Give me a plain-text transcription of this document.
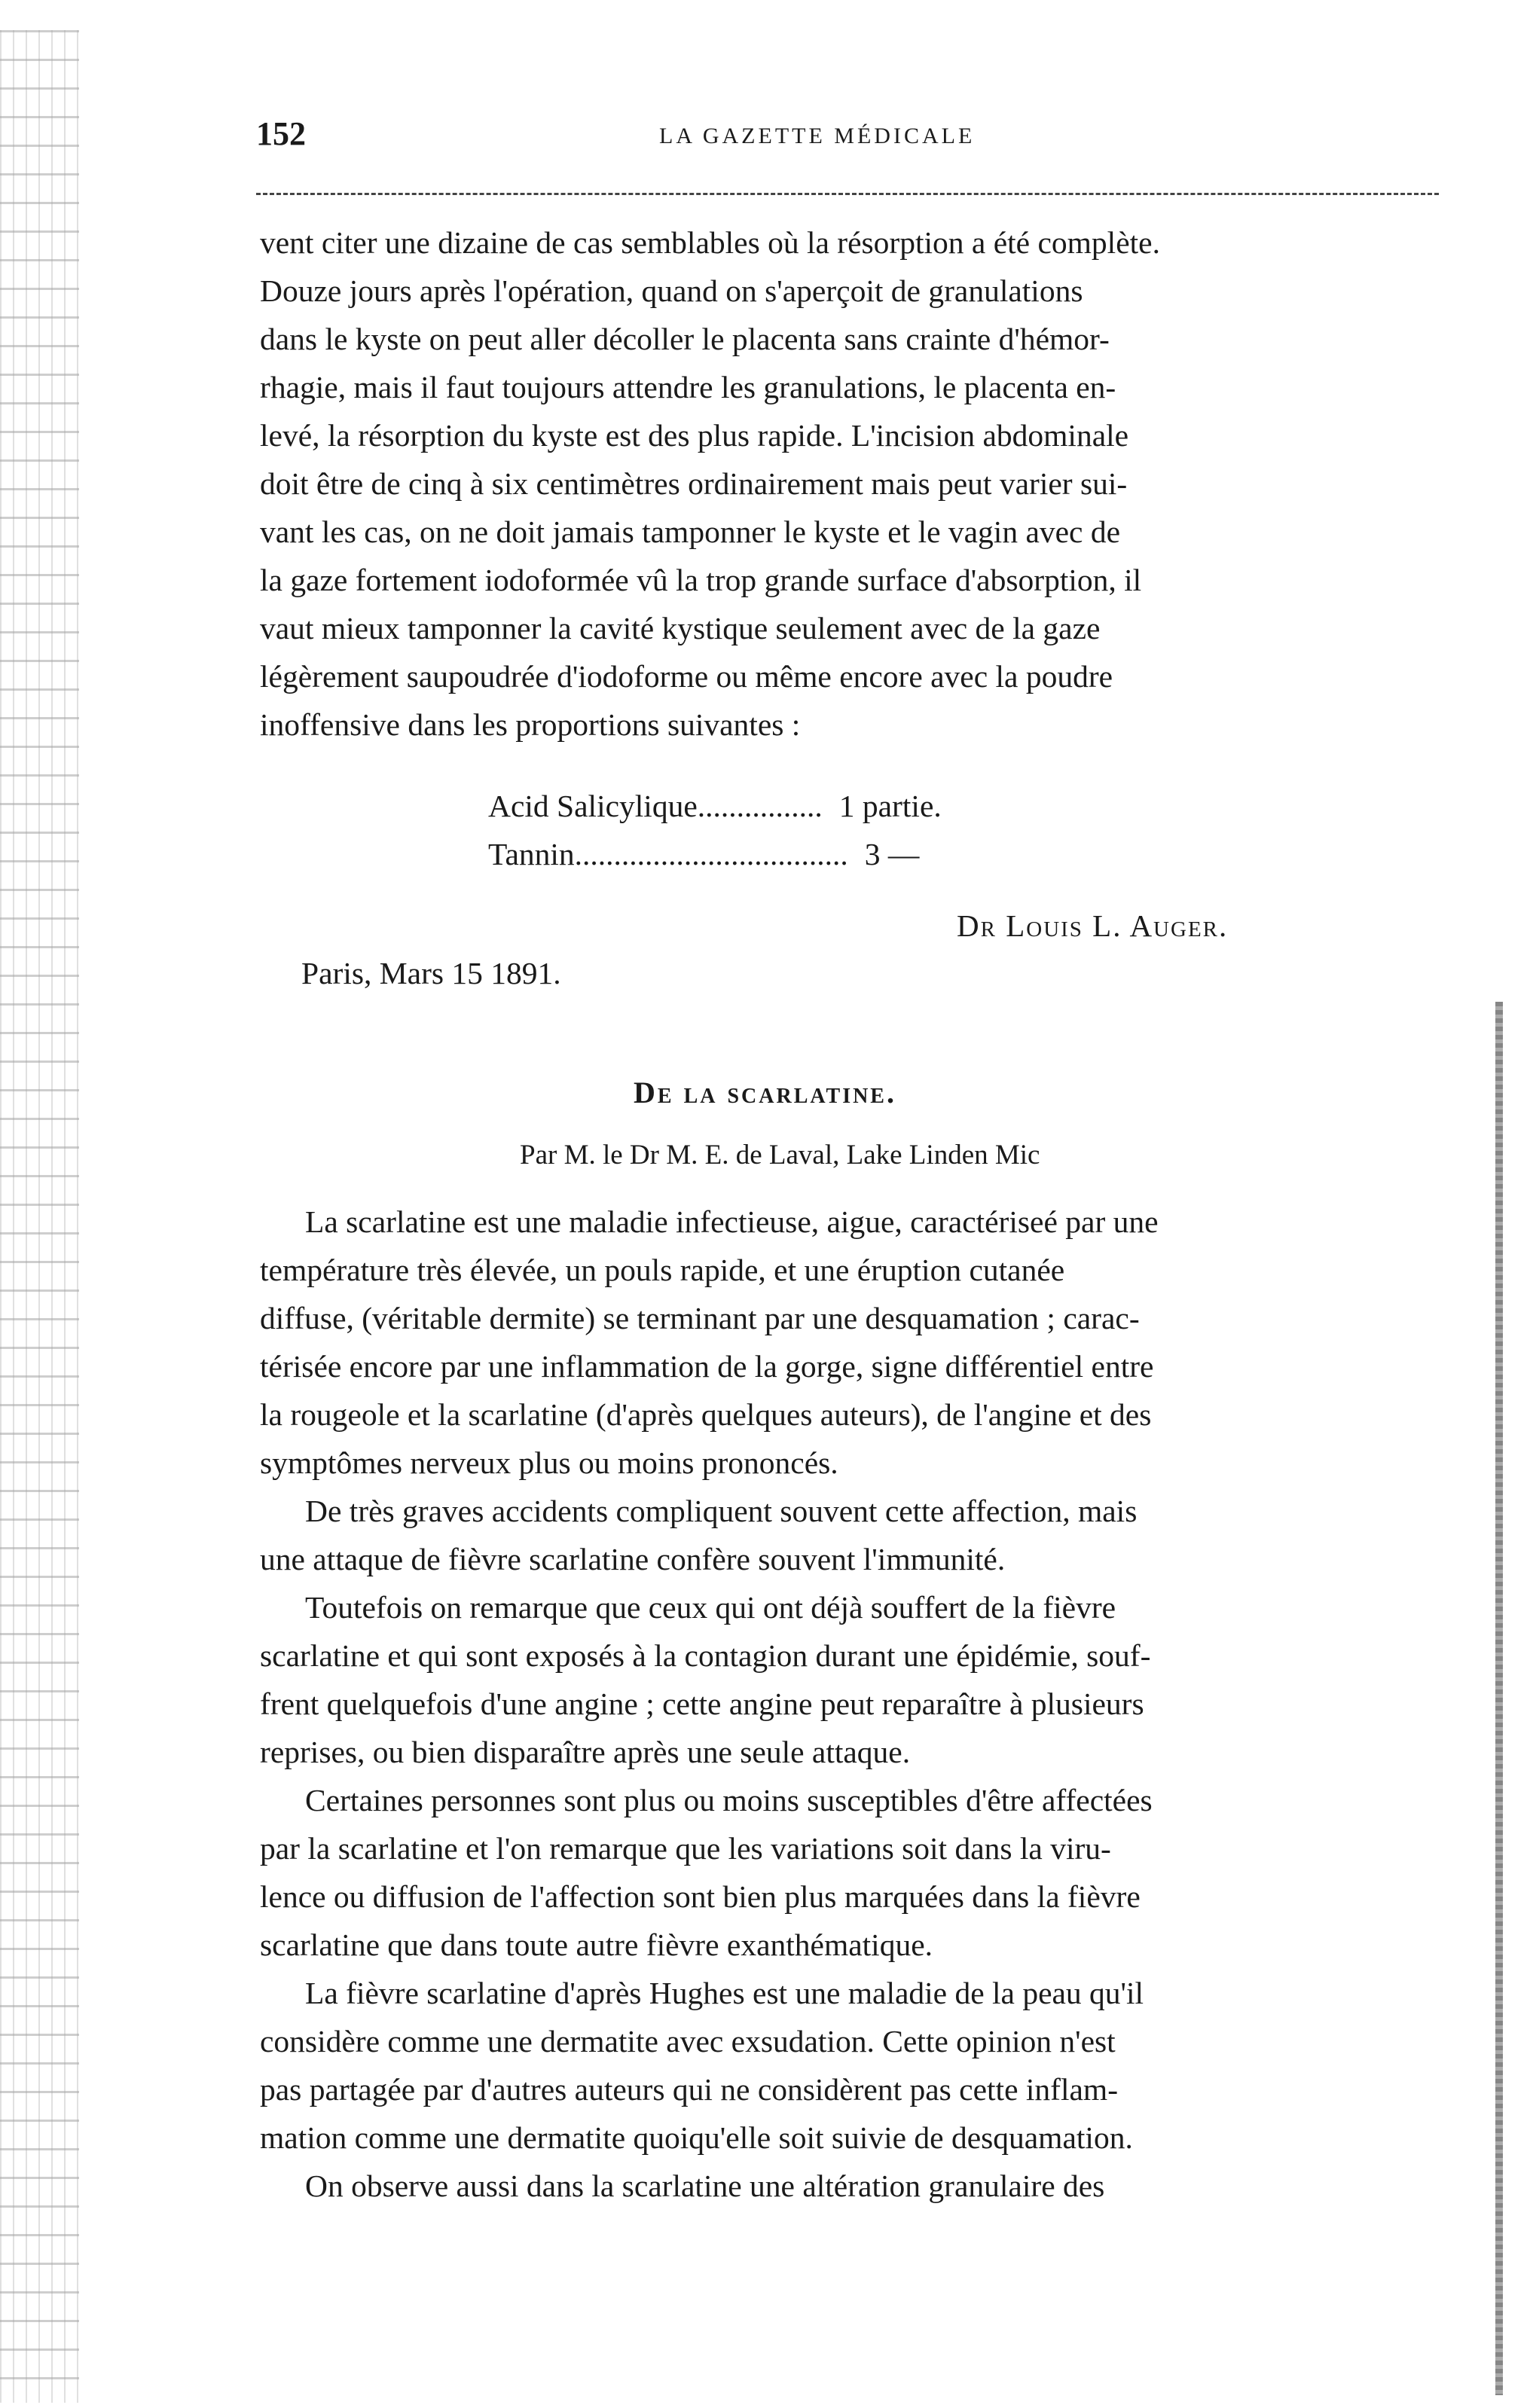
152	LA GAZETTE MÉDICALE
vent citer une dizaine de cas semblables où la résorption a été complète.
Douze jours après l'opération, quand on s'aperçoit de granulations
dans le kyste on peut aller décoller le placenta sans crainte d'hémor-
rhagie, mais il faut toujours attendre les granulations, le placenta en-
levé, la résorption du kyste est des plus rapide. L'incision abdominale
doit être de cinq à six centimètres ordinairement mais peut varier sui-
vant les cas, on ne doit jamais tamponner le kyste et le vagin avec de
la gaze fortement iodoformée vû la trop grande surface d'absorption, il
vaut mieux tamponner la cavité kystique seulement avec de la gaze
légèrement saupoudrée d'iodoforme ou même encore avec la poudre
inoffensive dans les proportions suivantes :
Acid Salicylique................ 1 partie.
Tannin................................... 3 —
Dr Louis L. Auger.
Paris, Mars 15 1891.
De la scarlatine.
Par M. le Dr M. E. de Laval, Lake Linden Mic
La scarlatine est une maladie infectieuse, aigue, caractériseé par une
température très élevée, un pouls rapide, et une éruption cutanée
diffuse, (véritable dermite) se terminant par une desquamation ; carac-
térisée encore par une inflammation de la gorge, signe différentiel entre
la rougeole et la scarlatine (d'après quelques auteurs), de l'angine et des
symptômes nerveux plus ou moins prononcés.
De très graves accidents compliquent souvent cette affection, mais
une attaque de fièvre scarlatine confère souvent l'immunité.
Toutefois on remarque que ceux qui ont déjà souffert de la fièvre
scarlatine et qui sont exposés à la contagion durant une épidémie, souf-
frent quelquefois d'une angine ; cette angine peut reparaître à plusieurs
reprises, ou bien disparaître après une seule attaque.
Certaines personnes sont plus ou moins susceptibles d'être affectées
par la scarlatine et l'on remarque que les variations soit dans la viru-
lence ou diffusion de l'affection sont bien plus marquées dans la fièvre
scarlatine que dans toute autre fièvre exanthématique.
La fièvre scarlatine d'après Hughes est une maladie de la peau qu'il
considère comme une dermatite avec exsudation. Cette opinion n'est
pas partagée par d'autres auteurs qui ne considèrent pas cette inflam-
mation comme une dermatite quoiqu'elle soit suivie de desquamation.
On observe aussi dans la scarlatine une altération granulaire des
